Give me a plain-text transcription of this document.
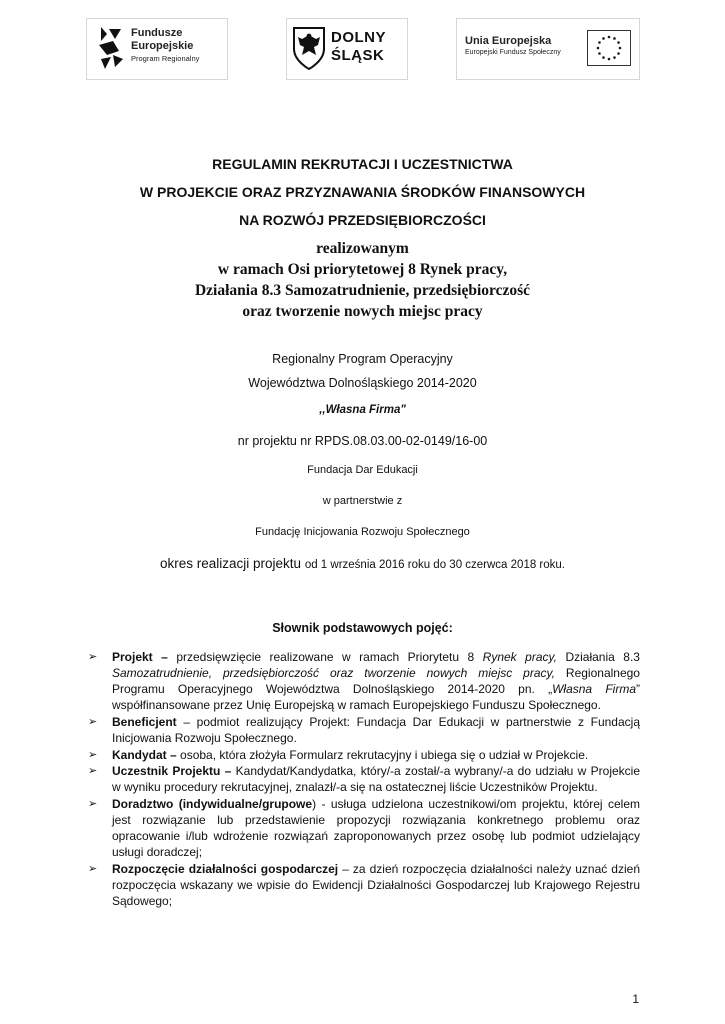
Fundusze
Europejskie
Program Regionalny
DOLNY
ŚLĄSK
Unia Europejska
Europejski Fundusz Społeczny
REGULAMIN REKRUTACJI I UCZESTNICTWA
W PROJEKCIE ORAZ PRZYZNAWANIA ŚRODKÓW FINANSOWYCH
NA ROZWÓJ PRZEDSIĘBIORCZOŚCI
realizowanym
w ramach Osi priorytetowej 8 Rynek pracy,
Działania 8.3 Samozatrudnienie, przedsiębiorczość
oraz tworzenie nowych miejsc pracy
Regionalny Program Operacyjny
Województwa Dolnośląskiego 2014-2020
,,Własna Firma"
nr projektu nr RPDS.08.03.00-02-0149/16-00
Fundacja Dar Edukacji
w partnerstwie z
Fundację Inicjowania Rozwoju Społecznego
okres realizacji projektu od 1 września 2016 roku do 30 czerwca 2018 roku.
Słownik podstawowych pojęć:
➢ Projekt – przedsięwzięcie realizowane w ramach Priorytetu 8 Rynek pracy, Działania 8.3 Samozatrudnienie, przedsiębiorczość oraz tworzenie nowych miejsc pracy, Regionalnego Programu Operacyjnego Województwa Dolnośląskiego 2014-2020 pn. „Własna Firma” współfinansowane przez Unię Europejską w ramach Europejskiego Funduszu Społecznego.
➢ Beneficjent – podmiot realizujący Projekt: Fundacja Dar Edukacji w partnerstwie z Fundacją Inicjowania Rozwoju Społecznego.
➢ Kandydat – osoba, która złożyła Formularz rekrutacyjny i ubiega się o udział w Projekcie.
➢ Uczestnik Projektu – Kandydat/Kandydatka, który/-a został/-a wybrany/-a do udziału w Projekcie w wyniku procedury rekrutacyjnej, znalazł/-a się na ostatecznej liście Uczestników Projektu.
➢ Doradztwo (indywidualne/grupowe) - usługa udzielona uczestnikowi/om projektu, której celem jest rozwiązanie lub przedstawienie propozycji rozwiązania konkretnego problemu oraz opracowanie i/lub wdrożenie rozwiązań zaproponowanych przez osobę lub podmiot udzielający usługi doradczej;
➢ Rozpoczęcie działalności gospodarczej – za dzień rozpoczęcia działalności należy uznać dzień rozpoczęcia wskazany we wpisie do Ewidencji Działalności Gospodarczej lub Krajowego Rejestru Sądowego;
1
